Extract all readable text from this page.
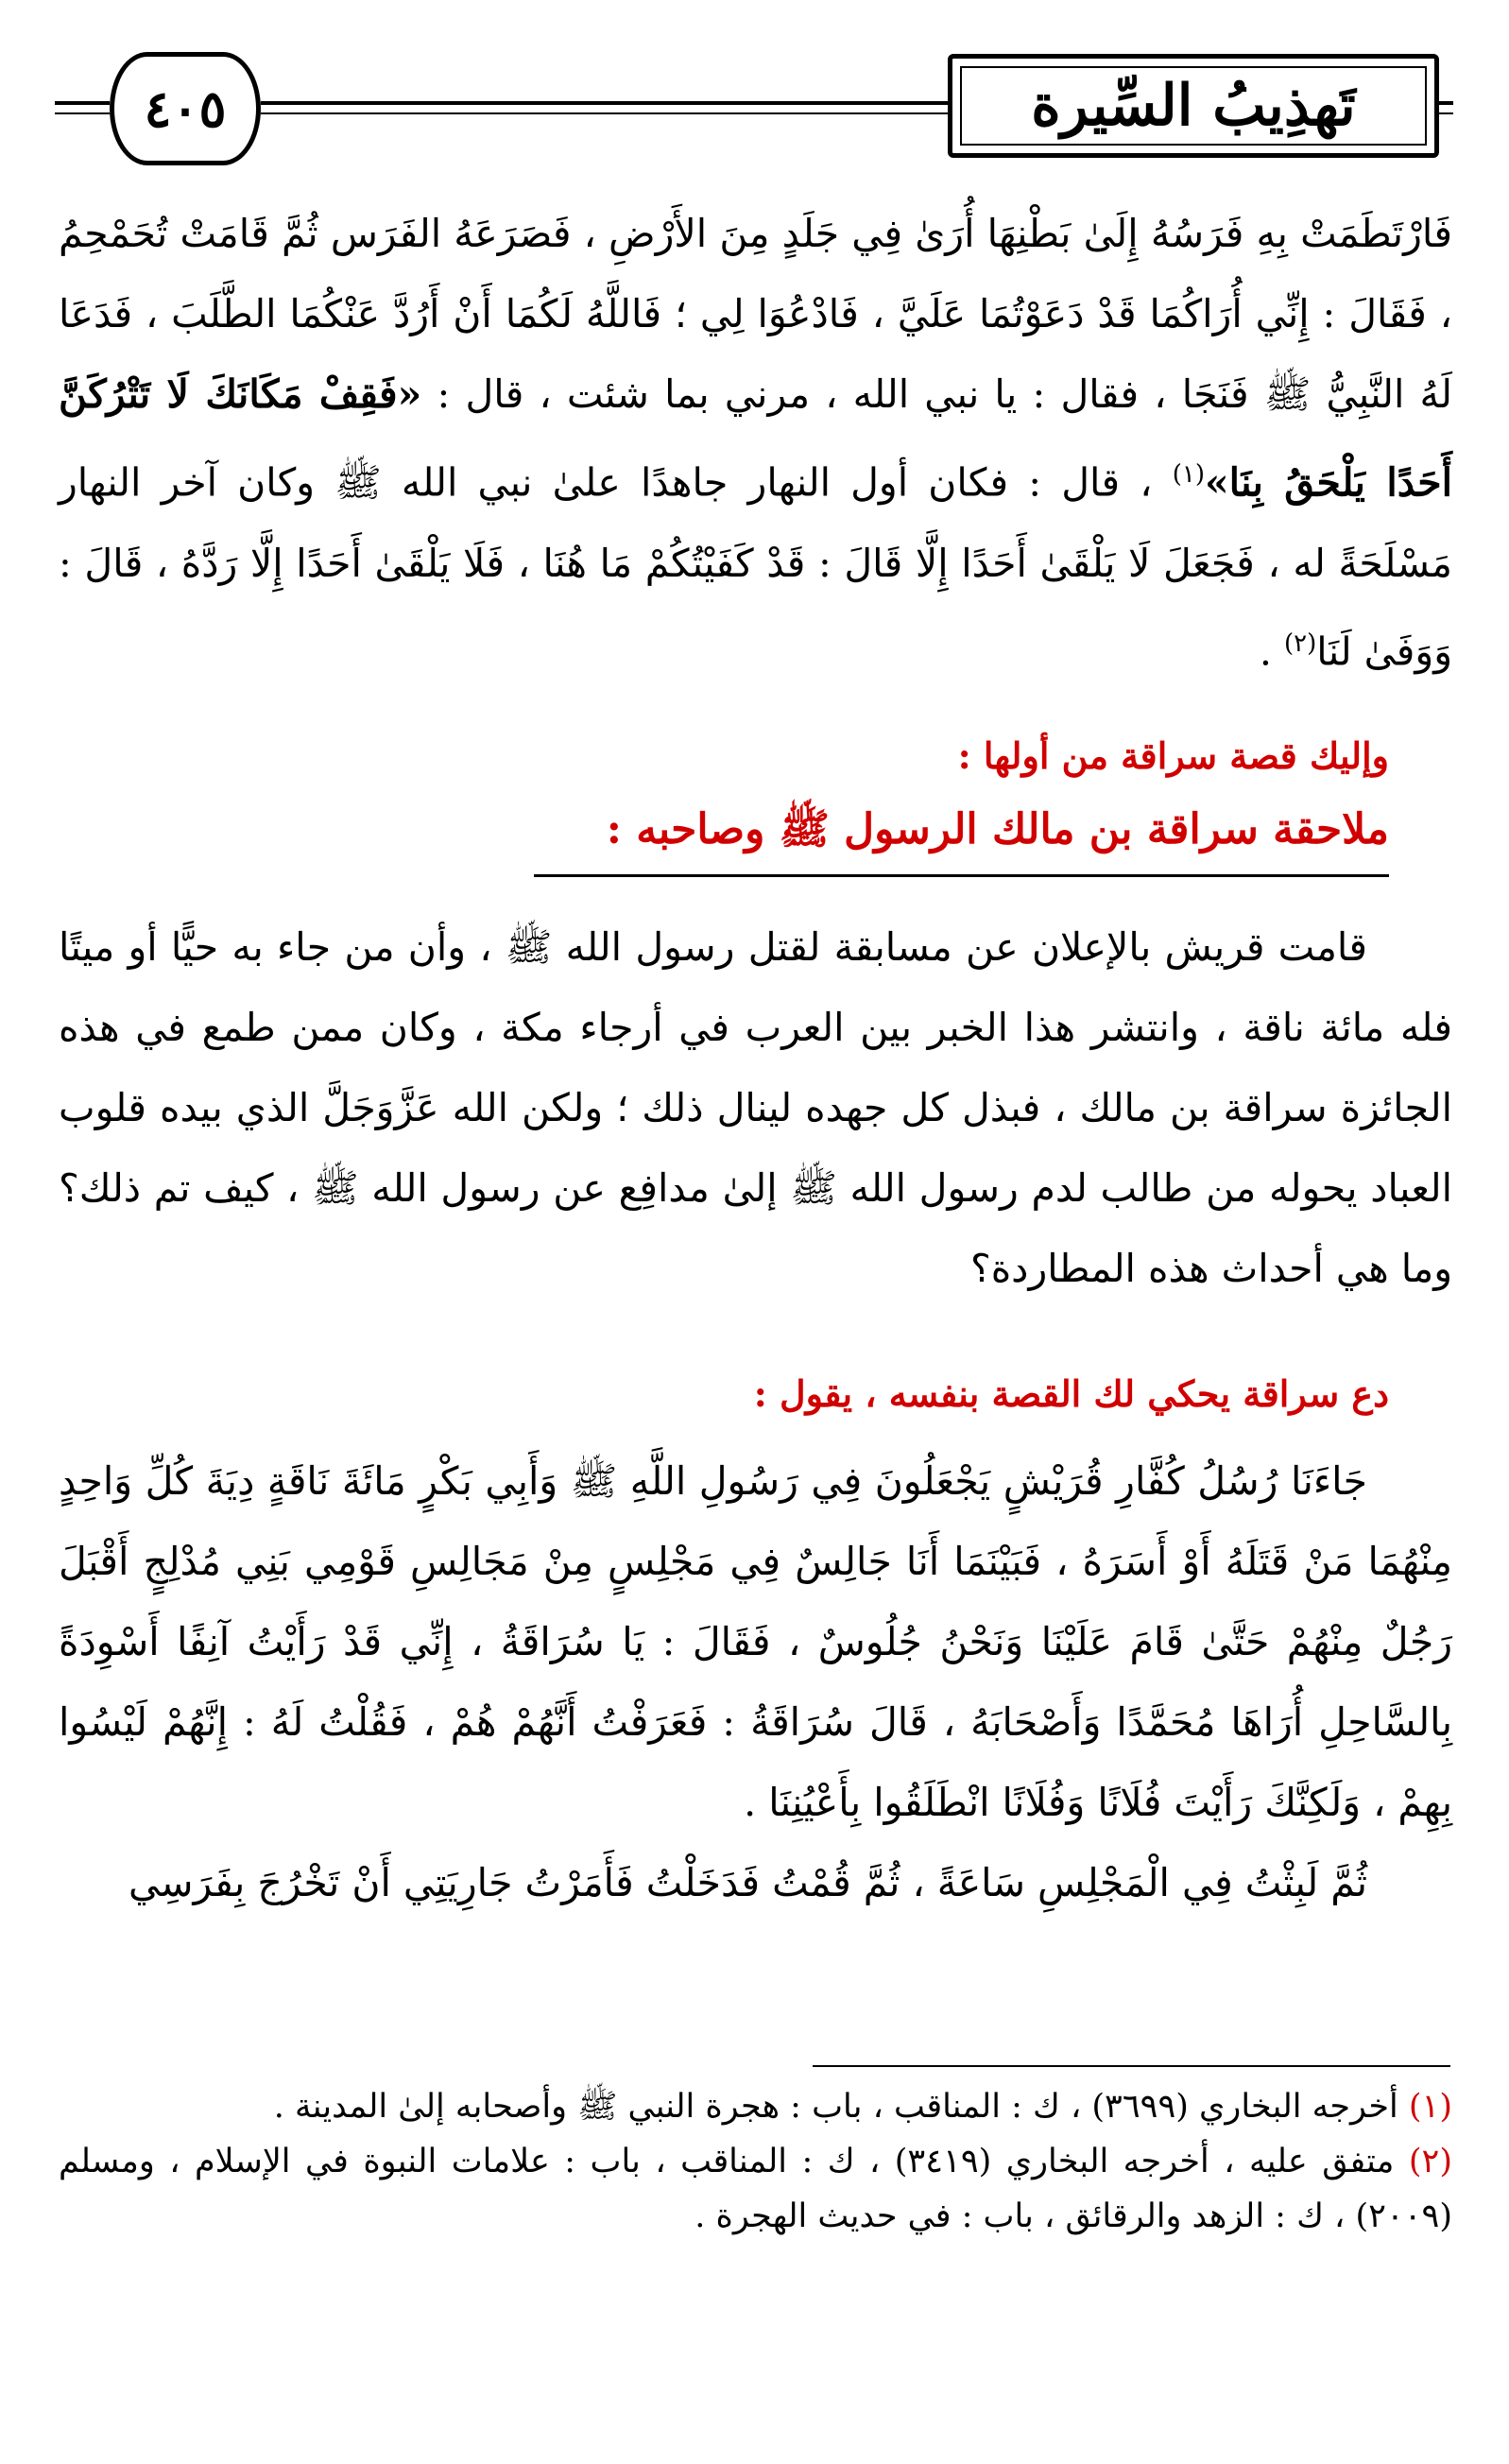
٤٠٥	تَهذِيبُ السِّيرة

فَارْتَطَمَتْ بِهِ فَرَسُهُ إِلَىٰ بَطْنِهَا أُرَىٰ فِي جَلَدٍ مِنَ الأَرْضِ ، فَصَرَعَهُ الفَرَس ثُمَّ قَامَتْ تُحَمْحِمُ ، فَقَالَ : إِنِّي أُرَاكُمَا قَدْ دَعَوْتُمَا عَلَيَّ ، فَادْعُوَا لِي ؛ فَاللَّهُ لَكُمَا أَنْ أَرُدَّ عَنْكُمَا الطَّلَبَ ، فَدَعَا لَهُ النَّبِيُّ ﷺ فَنَجَا ، فقال : يا نبي الله ، مرني بما شئت ، قال : «فَقِفْ مَكَانَكَ لَا تَتْرُكَنَّ أَحَدًا يَلْحَقُ بِنَا»$^{(١)}$ ، قال : فكان أول النهار جاهدًا علىٰ نبي الله ﷺ وكان آخر النهار مَسْلَحَةً له ، فَجَعَلَ لَا يَلْقَىٰ أَحَدًا إِلَّا قَالَ : قَدْ كَفَيْتُكُمْ مَا هُنَا ، فَلَا يَلْقَىٰ أَحَدًا إِلَّا رَدَّهُ ، قَالَ : وَوَفَىٰ لَنَا$^{(٢)}$ .

وإليك قصة سراقة من أولها :

ملاحقة سراقة بن مالك الرسول ﷺ وصاحبه :

قامت قريش بالإعلان عن مسابقة لقتل رسول الله ﷺ ، وأن من جاء به حيًّا أو ميتًا فله مائة ناقة ، وانتشر هذا الخبر بين العرب في أرجاء مكة ، وكان ممن طمع في هذه الجائزة سراقة بن مالك ، فبذل كل جهده لينال ذلك ؛ ولكن الله عَزَّوَجَلَّ الذي بيده قلوب العباد يحوله من طالب لدم رسول الله ﷺ إلىٰ مدافِع عن رسول الله ﷺ ، كيف تم ذلك؟ وما هي أحداث هذه المطاردة؟

دع سراقة يحكي لك القصة بنفسه ، يقول :

جَاءَنَا رُسُلُ كُفَّارِ قُرَيْشٍ يَجْعَلُونَ فِي رَسُولِ اللَّهِ ﷺ وَأَبِي بَكْرٍ مَائَةَ نَاقَةٍ دِيَةَ كُلِّ وَاحِدٍ مِنْهُمَا مَنْ قَتَلَهُ أَوْ أَسَرَهُ ، فَبَيْنَمَا أَنَا جَالِسٌ فِي مَجْلِسٍ مِنْ مَجَالِسِ قَوْمِي بَنِي مُدْلِجٍ أَقْبَلَ رَجُلٌ مِنْهُمْ حَتَّىٰ قَامَ عَلَيْنَا وَنَحْنُ جُلُوسٌ ، فَقَالَ : يَا سُرَاقَةُ ، إِنِّي قَدْ رَأَيْتُ آنِفًا أَسْوِدَةً بِالسَّاحِلِ أُرَاهَا مُحَمَّدًا وَأَصْحَابَهُ ، قَالَ سُرَاقَةُ : فَعَرَفْتُ أَنَّهُمْ هُمْ ، فَقُلْتُ لَهُ : إِنَّهُمْ لَيْسُوا بِهِمْ ، وَلَكِنَّكَ رَأَيْتَ فُلَانًا وَفُلَانًا انْطَلَقُوا بِأَعْيُنِنَا .

ثُمَّ لَبِثْتُ فِي الْمَجْلِسِ سَاعَةً ، ثُمَّ قُمْتُ فَدَخَلْتُ فَأَمَرْتُ جَارِيَتِي أَنْ تَخْرُجَ بِفَرَسِي

(١) أخرجه البخاري (٣٦٩٩) ، ك : المناقب ، باب : هجرة النبي ﷺ وأصحابه إلىٰ المدينة .

(٢) متفق عليه ، أخرجه البخاري (٣٤١٩) ، ك : المناقب ، باب : علامات النبوة في الإسلام ، ومسلم (٢٠٠٩) ، ك : الزهد والرقائق ، باب : في حديث الهجرة .
